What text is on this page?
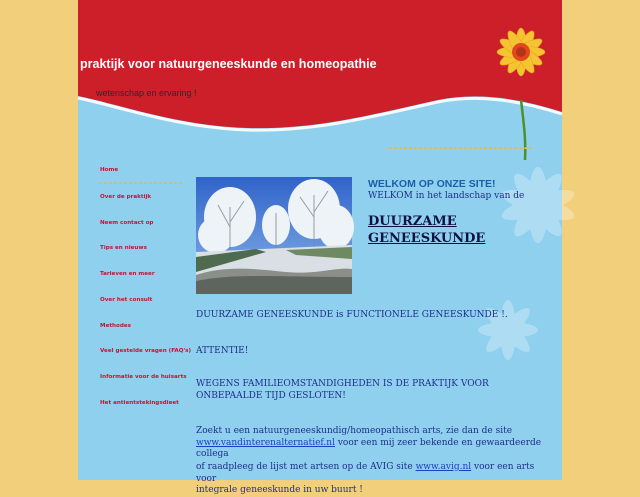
praktijk voor natuurgeneeskunde en homeopathie
wetenschap en ervaring !
Home
Over de praktijk
Neem contact op
Tips en nieuws
Tarieven en meer
Over het consult
Methodes
Veel gestelde vragen (FAQ's)
Informatie voor de huisarts
Het antientstekingsdieet
WELKOM OP ONZE SITE!
WELKOM in het landschap van de
DUURZAME GENEESKUNDE
DUURZAME GENEESKUNDE is FUNCTIONELE GENEESKUNDE !.
ATTENTIE!
WEGENS FAMILIEOMSTANDIGHEDEN IS DE PRAKTIJK VOOR ONBEPAALDE TIJD GESLOTEN!
Zoekt u een natuurgeneeskundig/homeopathisch arts, zie dan de site
www.vandinterenalternatief.nl voor een mij zeer bekende en gewaardeerde collega
of raadpleeg de lijst met artsen op de AVIG site www.avig.nl voor een arts voor
integrale geneeskunde in uw buurt !
